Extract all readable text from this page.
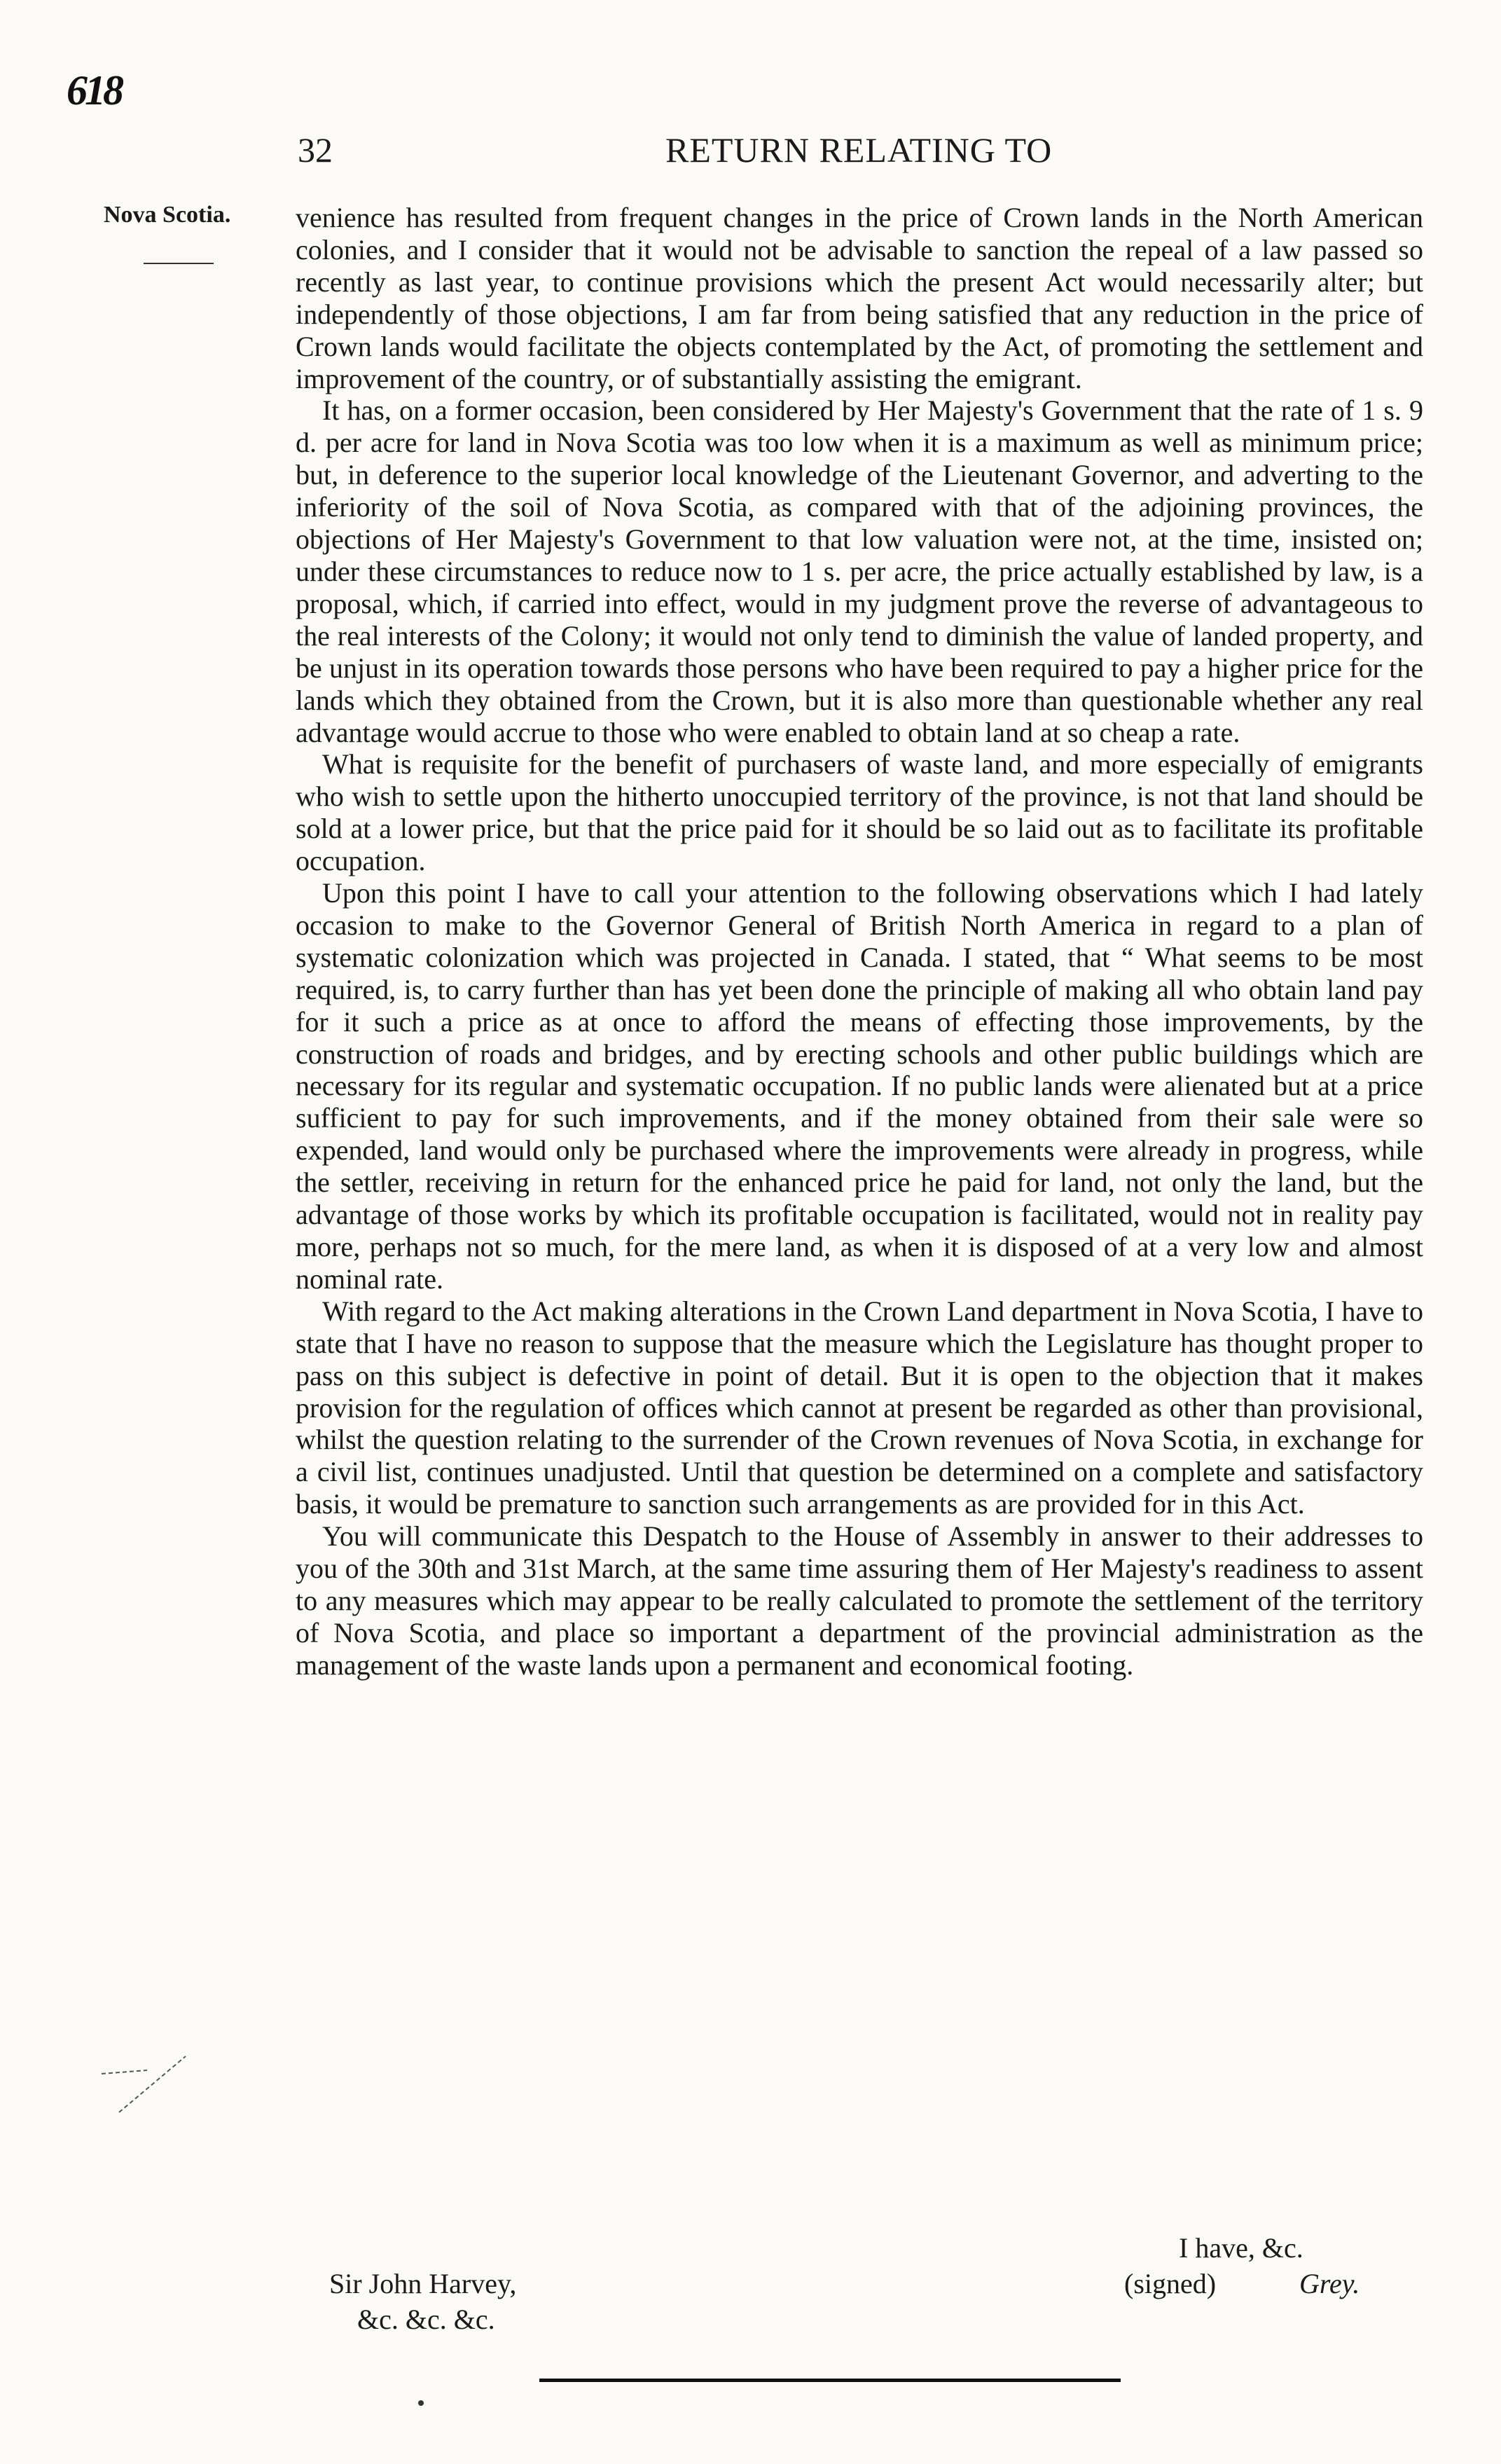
618
32	RETURN RELATING TO
Nova Scotia. venience has resulted from frequent changes in the price of Crown lands in the North American colonies, and I consider that it would not be advisable to sanction the repeal of a law passed so recently as last year, to continue provisions which the present Act would necessarily alter; but independently of those objections, I am far from being satisfied that any reduction in the price of Crown lands would facilitate the objects contemplated by the Act, of promoting the settlement and improvement of the country, or of substantially assisting the emigrant.

It has, on a former occasion, been considered by Her Majesty's Government that the rate of 1 s. 9 d. per acre for land in Nova Scotia was too low when it is a maximum as well as minimum price; but, in deference to the superior local knowledge of the Lieutenant Governor, and adverting to the inferiority of the soil of Nova Scotia, as compared with that of the adjoining provinces, the objections of Her Majesty's Government to that low valuation were not, at the time, insisted on; under these circumstances to reduce now to 1 s. per acre, the price actually established by law, is a proposal, which, if carried into effect, would in my judgment prove the reverse of advantageous to the real interests of the Colony; it would not only tend to diminish the value of landed property, and be unjust in its operation towards those persons who have been required to pay a higher price for the lands which they obtained from the Crown, but it is also more than questionable whether any real advantage would accrue to those who were enabled to obtain land at so cheap a rate.

What is requisite for the benefit of purchasers of waste land, and more especially of emigrants who wish to settle upon the hitherto unoccupied territory of the province, is not that land should be sold at a lower price, but that the price paid for it should be so laid out as to facilitate its profitable occupation.

Upon this point I have to call your attention to the following observations which I had lately occasion to make to the Governor General of British North America in regard to a plan of systematic colonization which was projected in Canada. I stated, that “ What seems to be most required, is, to carry further than has yet been done the principle of making all who obtain land pay for it such a price as at once to afford the means of effecting those improvements, by the construction of roads and bridges, and by erecting schools and other public buildings which are necessary for its regular and systematic occupation. If no public lands were alienated but at a price sufficient to pay for such improvements, and if the money obtained from their sale were so expended, land would only be purchased where the improvements were already in progress, while the settler, receiving in return for the enhanced price he paid for land, not only the land, but the advantage of those works by which its profitable occupation is facilitated, would not in reality pay more, perhaps not so much, for the mere land, as when it is disposed of at a very low and almost nominal rate.

With regard to the Act making alterations in the Crown Land department in Nova Scotia, I have to state that I have no reason to suppose that the measure which the Legislature has thought proper to pass on this subject is defective in point of detail. But it is open to the objection that it makes provision for the regulation of offices which cannot at present be regarded as other than provisional, whilst the question relating to the surrender of the Crown revenues of Nova Scotia, in exchange for a civil list, continues unadjusted. Until that question be determined on a complete and satisfactory basis, it would be premature to sanction such arrangements as are provided for in this Act.

You will communicate this Despatch to the House of Assembly in answer to their addresses to you of the 30th and 31st March, at the same time assuring them of Her Majesty's readiness to assent to any measures which may appear to be really calculated to promote the settlement of the territory of Nova Scotia, and place so important a department of the provincial administration as the management of the waste lands upon a permanent and economical footing.

I have, &c.
(signed)	Grey.
Sir John Harvey,
&c. &c. &c.
